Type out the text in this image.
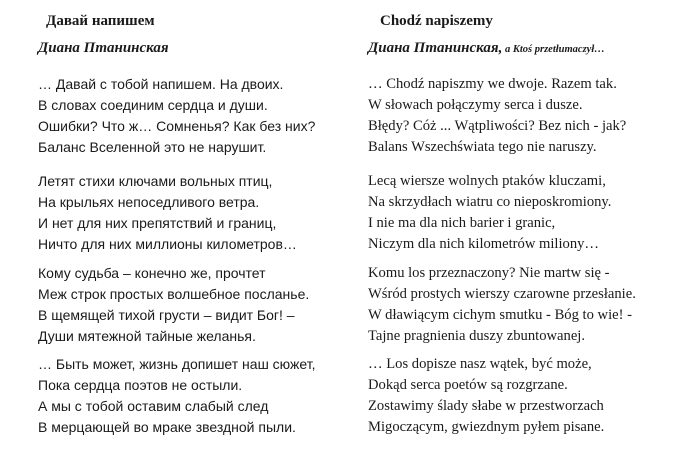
Давай напишем
Диана Птанинская
… Давай с тобой напишем. На двоих.
В словах соединим сердца и души.
Ошибки? Что ж… Сомненья? Как без них?
Баланс Вселенной это не нарушит.
Летят стихи ключами вольных птиц,
На крыльях непоседливого ветра.
И нет для них препятствий и границ,
Ничто для них миллионы километров…
Кому судьба – конечно же, прочтет
Меж строк простых волшебное посланье.
В щемящей тихой грусти – видит Бог! –
Души мятежной тайные желанья.
… Быть может, жизнь допишет наш сюжет,
Пока сердца поэтов не остыли.
А мы с тобой оставим слабый след
В мерцающей во мраке звездной пыли.
Chodź napiszemy
Диана Птанинская, a Ktoś przetłumaczył…
… Chodź napiszmy we dwoje. Razem tak.
W słowach połączymy serca i dusze.
Błędy? Cóż ... Wątpliwości? Bez nich - jak?
Balans Wszechświata tego nie naruszy.
Lecą wiersze wolnych ptaków kluczami,
Na skrzydłach wiatru co nieposkromiony.
I nie ma dla nich barier i granic,
Niczym dla nich kilometrów miliony…
Komu los przeznaczony? Nie martw się -
Wśród prostych wierszy czarowne przesłanie.
W dławiącym cichym smutku - Bóg to wie! -
Tajne pragnienia duszy zbuntowanej.
… Los dopisze nasz wątek, być może,
Dokąd serca poetów są rozgrzane.
Zostawimy ślady słabe w przestworzach
Migoczącym, gwiezdnym pyłem pisane.
